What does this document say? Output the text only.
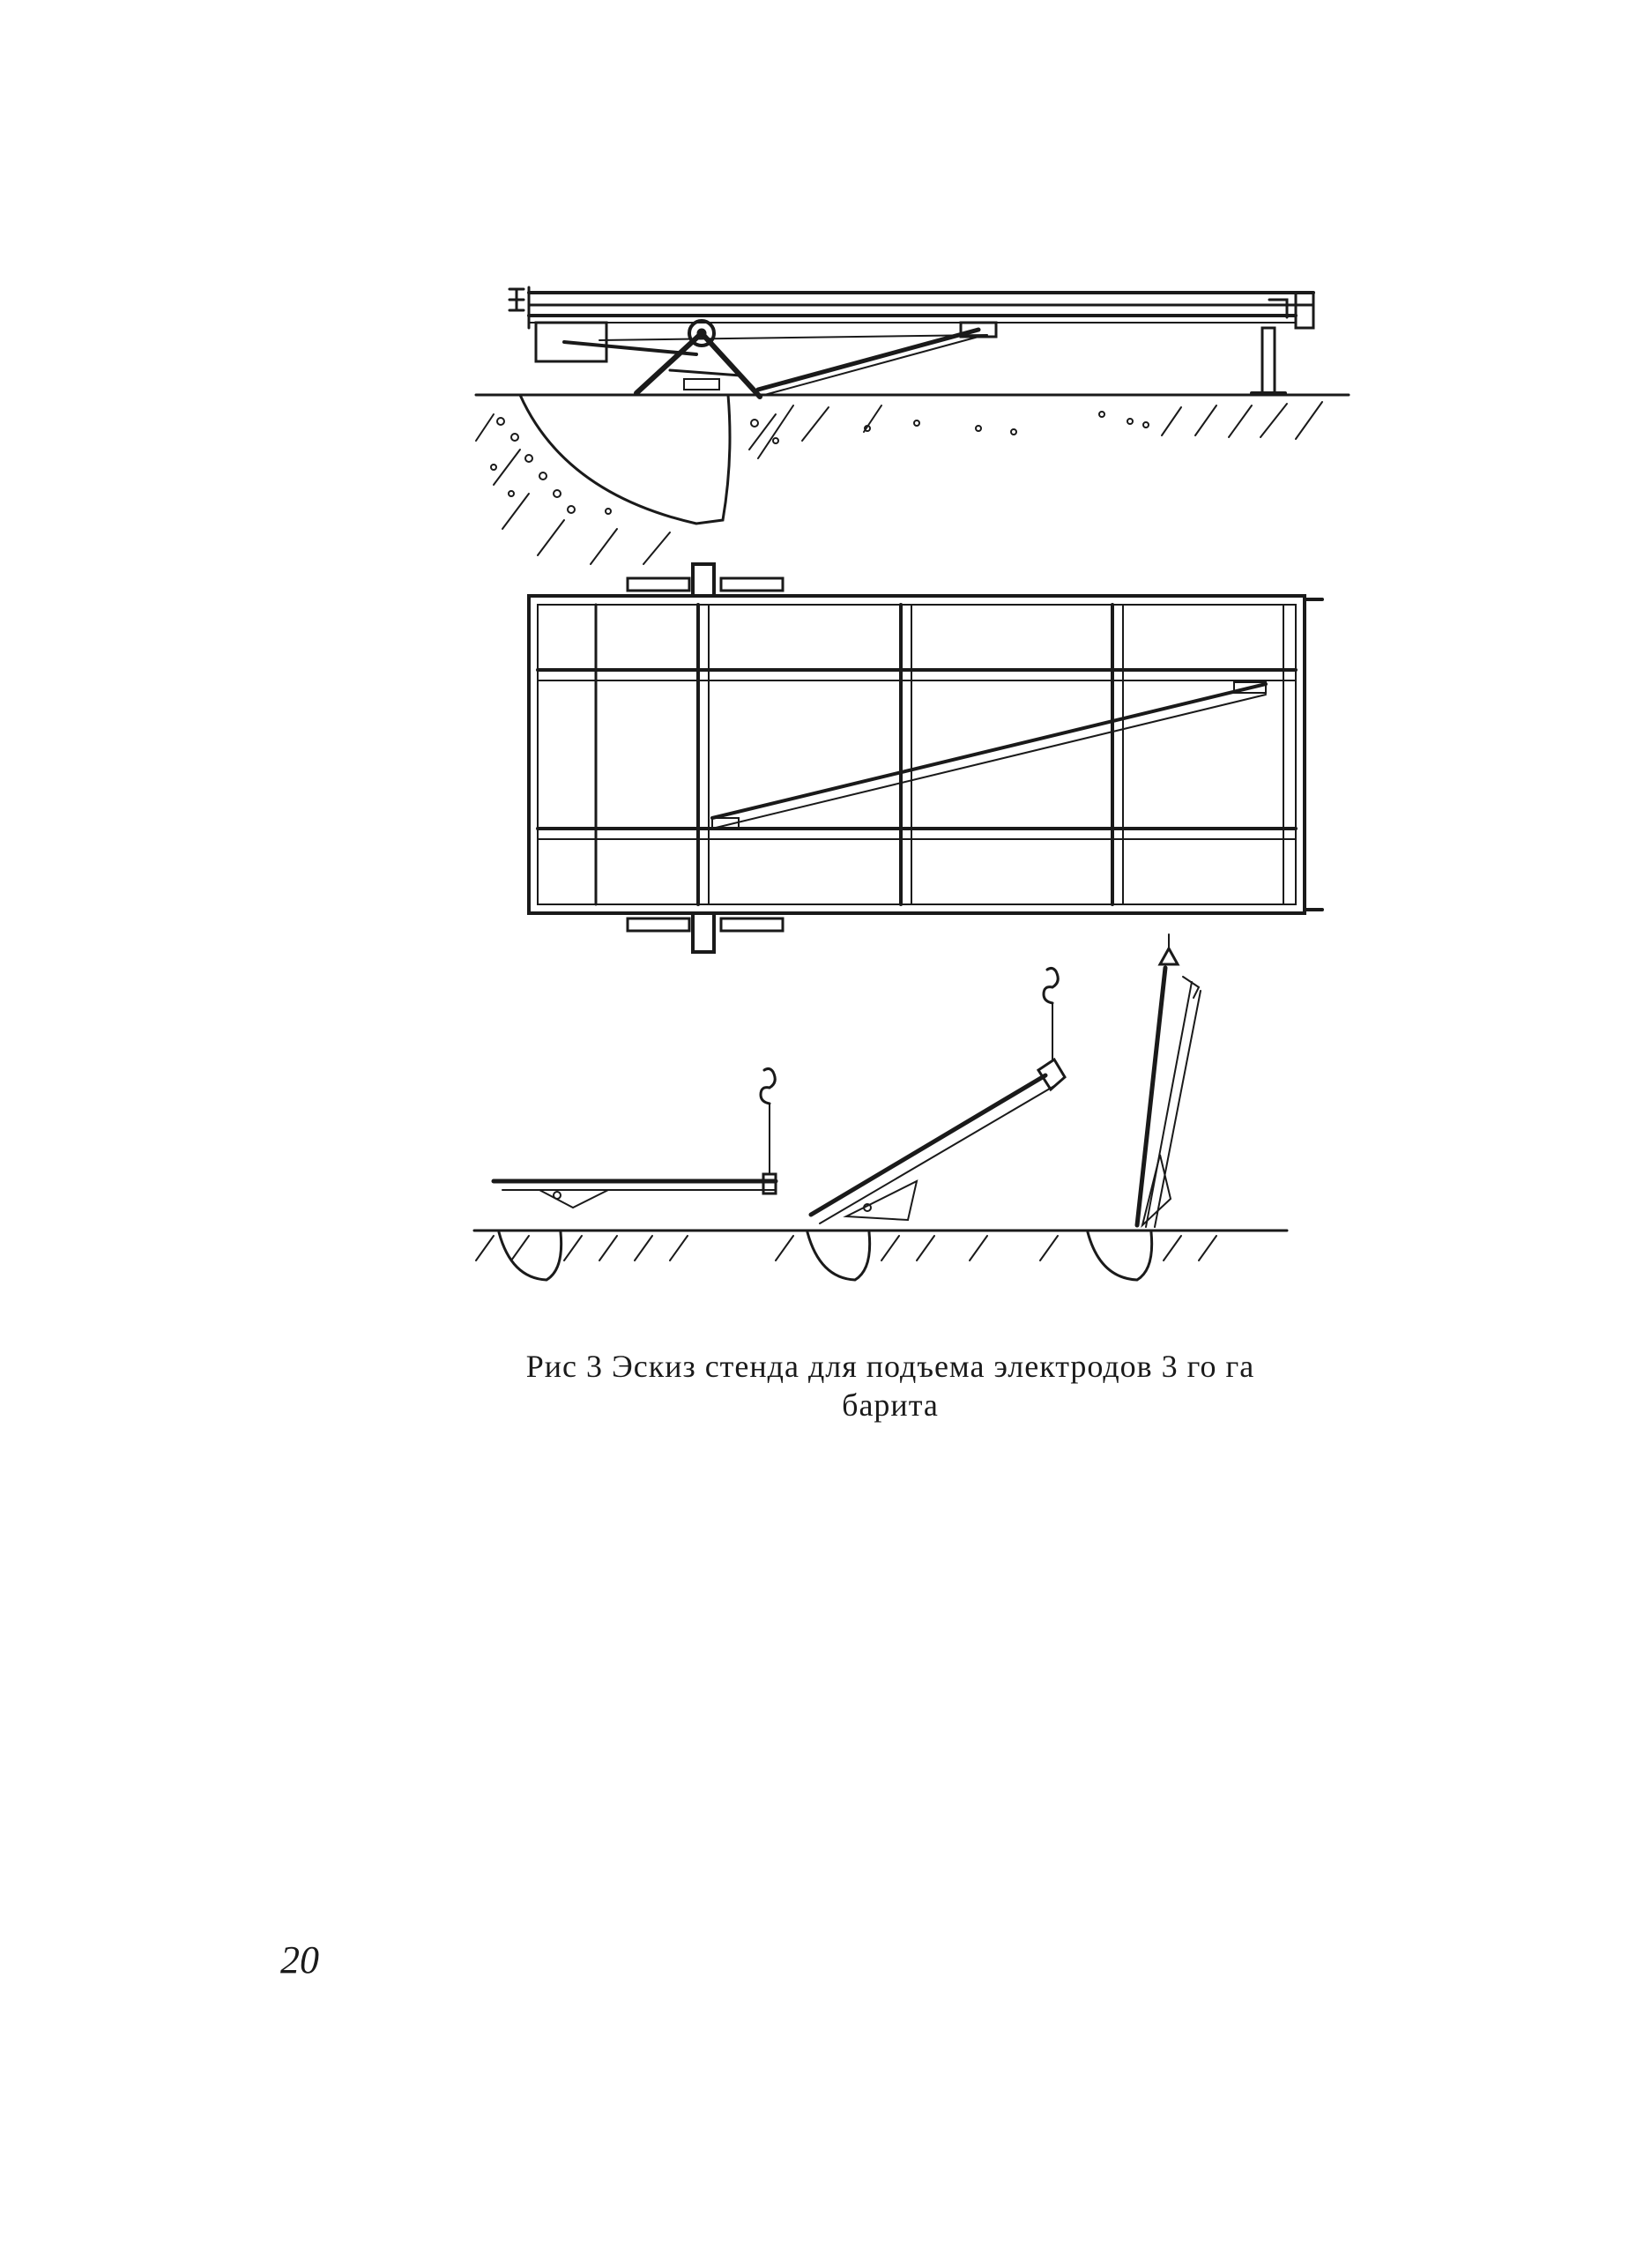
Рис 3 Эскиз стенда для подъема электродов 3 го га
барита
20
